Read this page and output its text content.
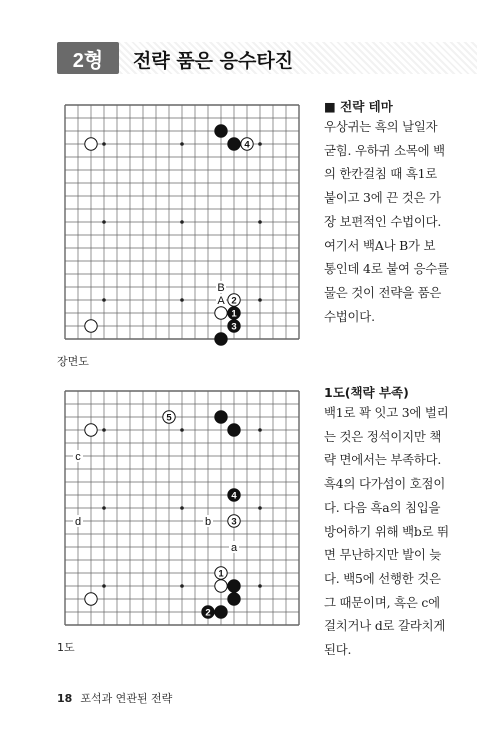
2형	전략 품은 응수타진
B
A
4
2
1
3
장면도
a
b
c
d
5
4
3
1
2
1도
■ 전략 테마

우상귀는 흑의 날일자

굳힘. 우하귀 소목에 백

의 한칸걸침 때 흑1로

붙이고 3에 끈 것은 가

장 보편적인 수법이다.

여기서 백A나 B가 보

통인데 4로 붙여 응수를

물은 것이 전략을 품은

수법이다.

1도(책략 부족)

백1로 꽉 잇고 3에 벌리

는 것은 정석이지만 책

략 면에서는 부족하다.

흑4의 다가섬이 호점이

다. 다음 흑a의 침입을

방어하기 위해 백b로 뛰

면 무난하지만 발이 늦

다. 백5에 선행한 것은

그 때문이며, 흑은 c에

걸치거나 d로 갈라치게

된다.

18 포석과 연관된 전략
